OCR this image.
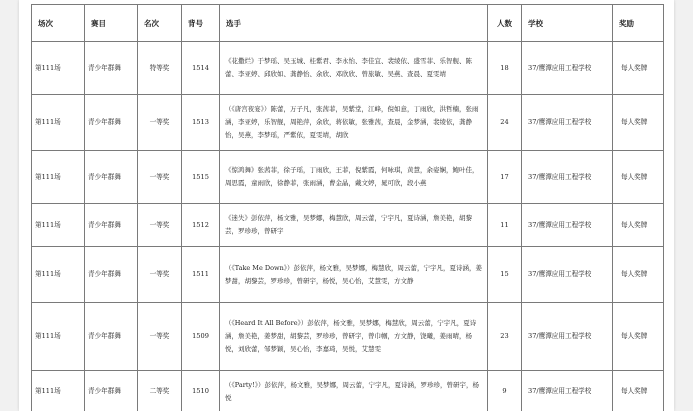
场次	赛目	名次	背号	选手	人数	学校	奖励
第111场	青少年群舞	特等奖	1514	《花撒烂》于梦瑶、吴玉城、桂紫君、李永怡、李佳宜、裴绫依、盛雪菲、乐智舰、陈蕾、李亚婷、邱欣如、龚静怡、余欣、邓欣欣、曾旅敏、吴燕、查晨、夏雯靖	18	37/鹰潭应用工程学校	每人奖牌
第111场	青少年群舞	一等奖	1513	（《唐宫夜宴》）陈蕾，万子凡，张茜菲，吴紫堂，江峰，倪如意，丁雨欣，洪哲楠，张雨涵，李亚婷，乐智舰，周艳萍，余欣，蒋依敏，张雅茜，查晨，金梦涵，裴绫依，龚静怡，吴燕，李梦瑶，严紫依，夏雯靖，胡欣	24	37/鹰潭应用工程学校	每人奖牌
第111场	青少年群舞	一等奖	1515	《惊鸿舞》张茜菲，徐子瑶，丁雨欣，王菲，倪紫霞，何咏琪，黄慧，余姿娴，鲍叶佳，周思霞，童雨欣，徐静菲，张雨涵，曹金晶，戴文婷，晁可欣，段小燕	17	37/鹰潭应用工程学校	每人奖牌
第111场	青少年群舞	一等奖	1512	《迷失》彭依萍，杨文雅，吴梦娜，梅慧欣，周云蕾，宁宇凡，夏诗涵，詹美艳，胡黎芸，罗珍珍，曾研宇	11	37/鹰潭应用工程学校	每人奖牌
第111场	青少年群舞	一等奖	1511	（《Take Me Down》）彭依萍，杨文雅，吴梦娜，梅慧欣，周云蕾，宁宇凡，夏诗涵，姜梦甜，胡黎芸，罗珍珍，曾研宇，杨悦，吴心怡，艾慧雯，方文静	15	37/鹰潭应用工程学校	每人奖牌
第111场	青少年群舞	一等奖	1509	（《Heard It All Before》）彭依萍，杨文雅，吴梦娜，梅慧欣，周云蕾，宁宇凡，夏诗涵，詹美艳，姜梦甜，胡黎芸，罗珍珍，曾研宇，曾巾帼，方文静，饶曦，姜雨晴，杨悦，刘欣蕾，邹梦颖，吴心怡，李嘉琦，吴悦，艾慧雯	23	37/鹰潭应用工程学校	每人奖牌
第111场	青少年群舞	二等奖	1510	（《Party!》）彭依萍，杨文雅，吴梦娜，周云蕾，宁宇凡，夏诗涵，罗珍珍，曾研宇，杨悦	9	37/鹰潭应用工程学校	每人奖牌
